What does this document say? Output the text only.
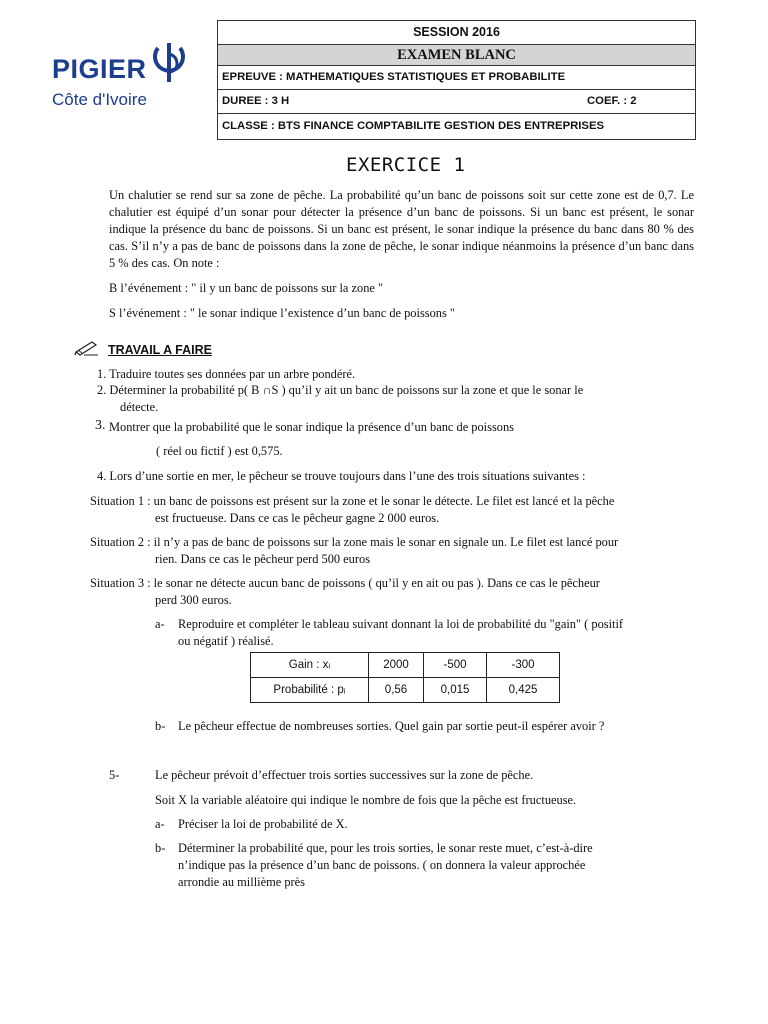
PIGIER
Côte d'Ivoire
SESSION 2016
EXAMEN BLANC
EPREUVE : MATHEMATIQUES STATISTIQUES ET PROBABILITE
DUREE : 3 H	COEF. : 2
CLASSE : BTS FINANCE COMPTABILITE GESTION DES ENTREPRISES
EXERCICE 1

Un chalutier se rend sur sa zone de pêche. La probabilité qu’un banc de poissons soit sur cette zone est de 0,7. Le chalutier est équipé d’un sonar pour détecter la présence d’un banc de poissons. Si un banc est présent, le sonar indique la présence du banc de poissons. Si un banc est présent, le sonar indique la présence du banc dans 80 % des cas. S’il n’y a pas de banc de poissons dans la zone de pêche, le sonar indique néanmoins la présence d’un banc dans 5 % des cas. On note :

B l’événement : " il y un banc de poissons sur la zone "
S l’événement : " le sonar indique l’existence d’un banc de poissons "
TRAVAIL A FAIRE
1. Traduire toutes ses données par un arbre pondéré.
2. Déterminer la probabilité p( B ∩S ) qu’il y ait un banc de poissons sur la zone et que le sonar le
détecte.
3. Montrer que la probabilité que le sonar indique la présence d’un banc de poissons
( réel ou fictif ) est 0,575.
4. Lors d’une sortie en mer, le pêcheur se trouve toujours dans l’une des trois situations suivantes :
Situation 1 : un banc de poissons est présent sur la zone et le sonar le détecte. Le filet est lancé et la pêche
est fructueuse. Dans ce cas le pêcheur gagne 2 000 euros.
Situation 2 : il n’y a pas de banc de poissons sur la zone mais le sonar en signale un. Le filet est lancé pour
rien. Dans ce cas le pêcheur perd 500 euros
Situation 3 : le sonar ne détecte aucun banc de poissons ( qu’il y en ait ou pas ). Dans ce cas le pêcheur
perd 300 euros.
a- Reproduire et compléter le tableau suivant donnant la loi de probabilité du "gain" ( positif
ou négatif ) réalisé.
Gain : xᵢ	2000	-500	-300
Probabilité : pᵢ	0,56	0,015	0,425
b- Le pêcheur effectue de nombreuses sorties. Quel gain par sortie peut-il espérer avoir ?
5-	Le pêcheur prévoit d’effectuer trois sorties successives sur la zone de pêche.
Soit X la variable aléatoire qui indique le nombre de fois que la pêche est fructueuse.
a- Préciser la loi de probabilité de X.
b- Déterminer la probabilité que, pour les trois sorties, le sonar reste muet, c’est-à-dire
n’indique pas la présence d’un banc de poissons. ( on donnera la valeur approchée
arrondie au millième près
